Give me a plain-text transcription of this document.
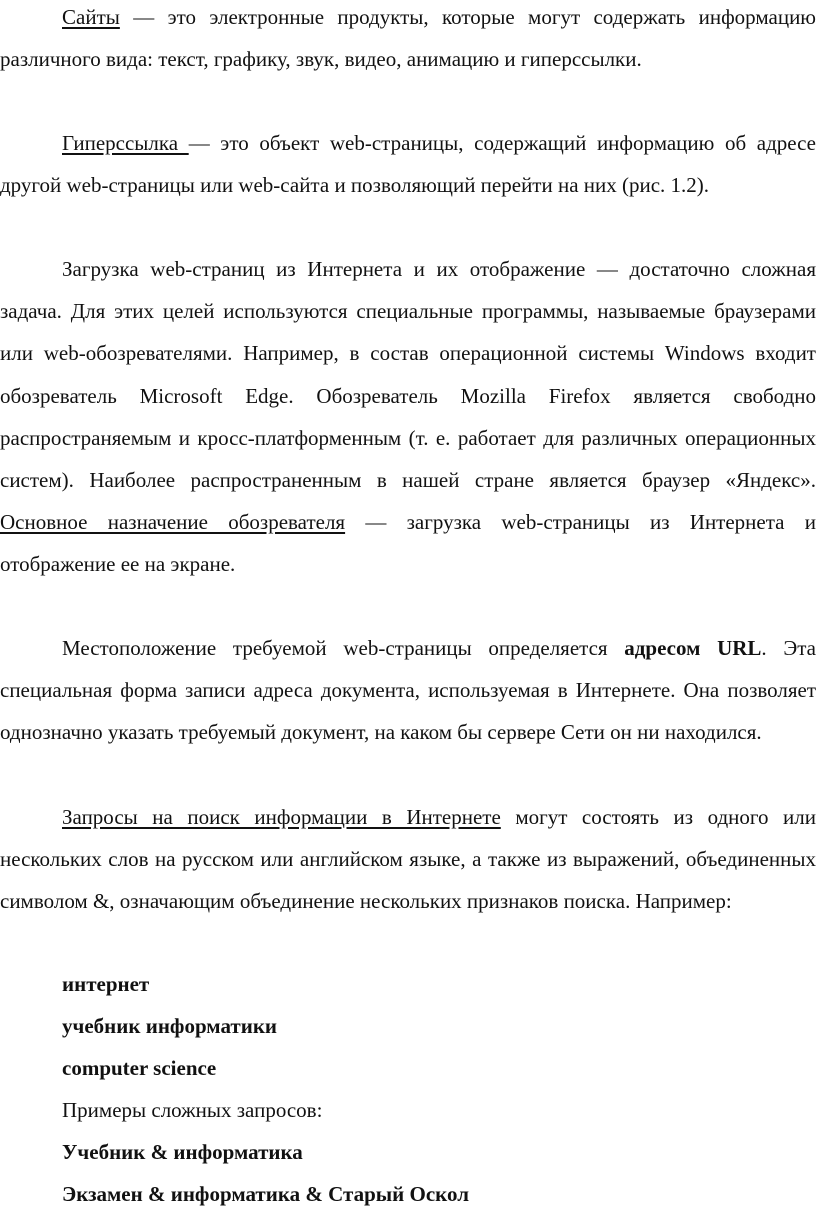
Сайты — это электронные продукты, которые могут содержать информацию различного вида: текст, графику, звук, видео, анимацию и гиперссылки.

Гиперссылка — это объект web-страницы, содержащий информацию об адресе другой web-страницы или web-сайта и позволяющий перейти на них (рис. 1.2).

Загрузка web-страниц из Интернета и их отображение — достаточно сложная задача. Для этих целей используются специальные программы, называемые браузерами или web-обозревателями. Например, в состав операционной системы Windows входит обозреватель Microsoft Edge. Обозреватель Mozilla Firefox является свободно распространяемым и кросс-платформенным (т. е. работает для различных операционных систем). Наиболее распространенным в нашей стране является браузер «Яндекс». Основное назначение обозревателя — загрузка web-страницы из Интернета и отображение ее на экране.

Местоположение требуемой web-страницы определяется адресом URL. Эта специальная форма записи адреса документа, используемая в Интернете. Она позволяет однозначно указать требуемый документ, на каком бы сервере Сети он ни находился.

Запросы на поиск информации в Интернете могут состоять из одного или нескольких слов на русском или английском языке, а также из выражений, объединенных символом &, означающим объединение нескольких признаков поиска. Например:

интернет

учебник информатики

computer science

Примеры сложных запросов:

Учебник & информатика

Экзамен & информатика & Старый Оскол
